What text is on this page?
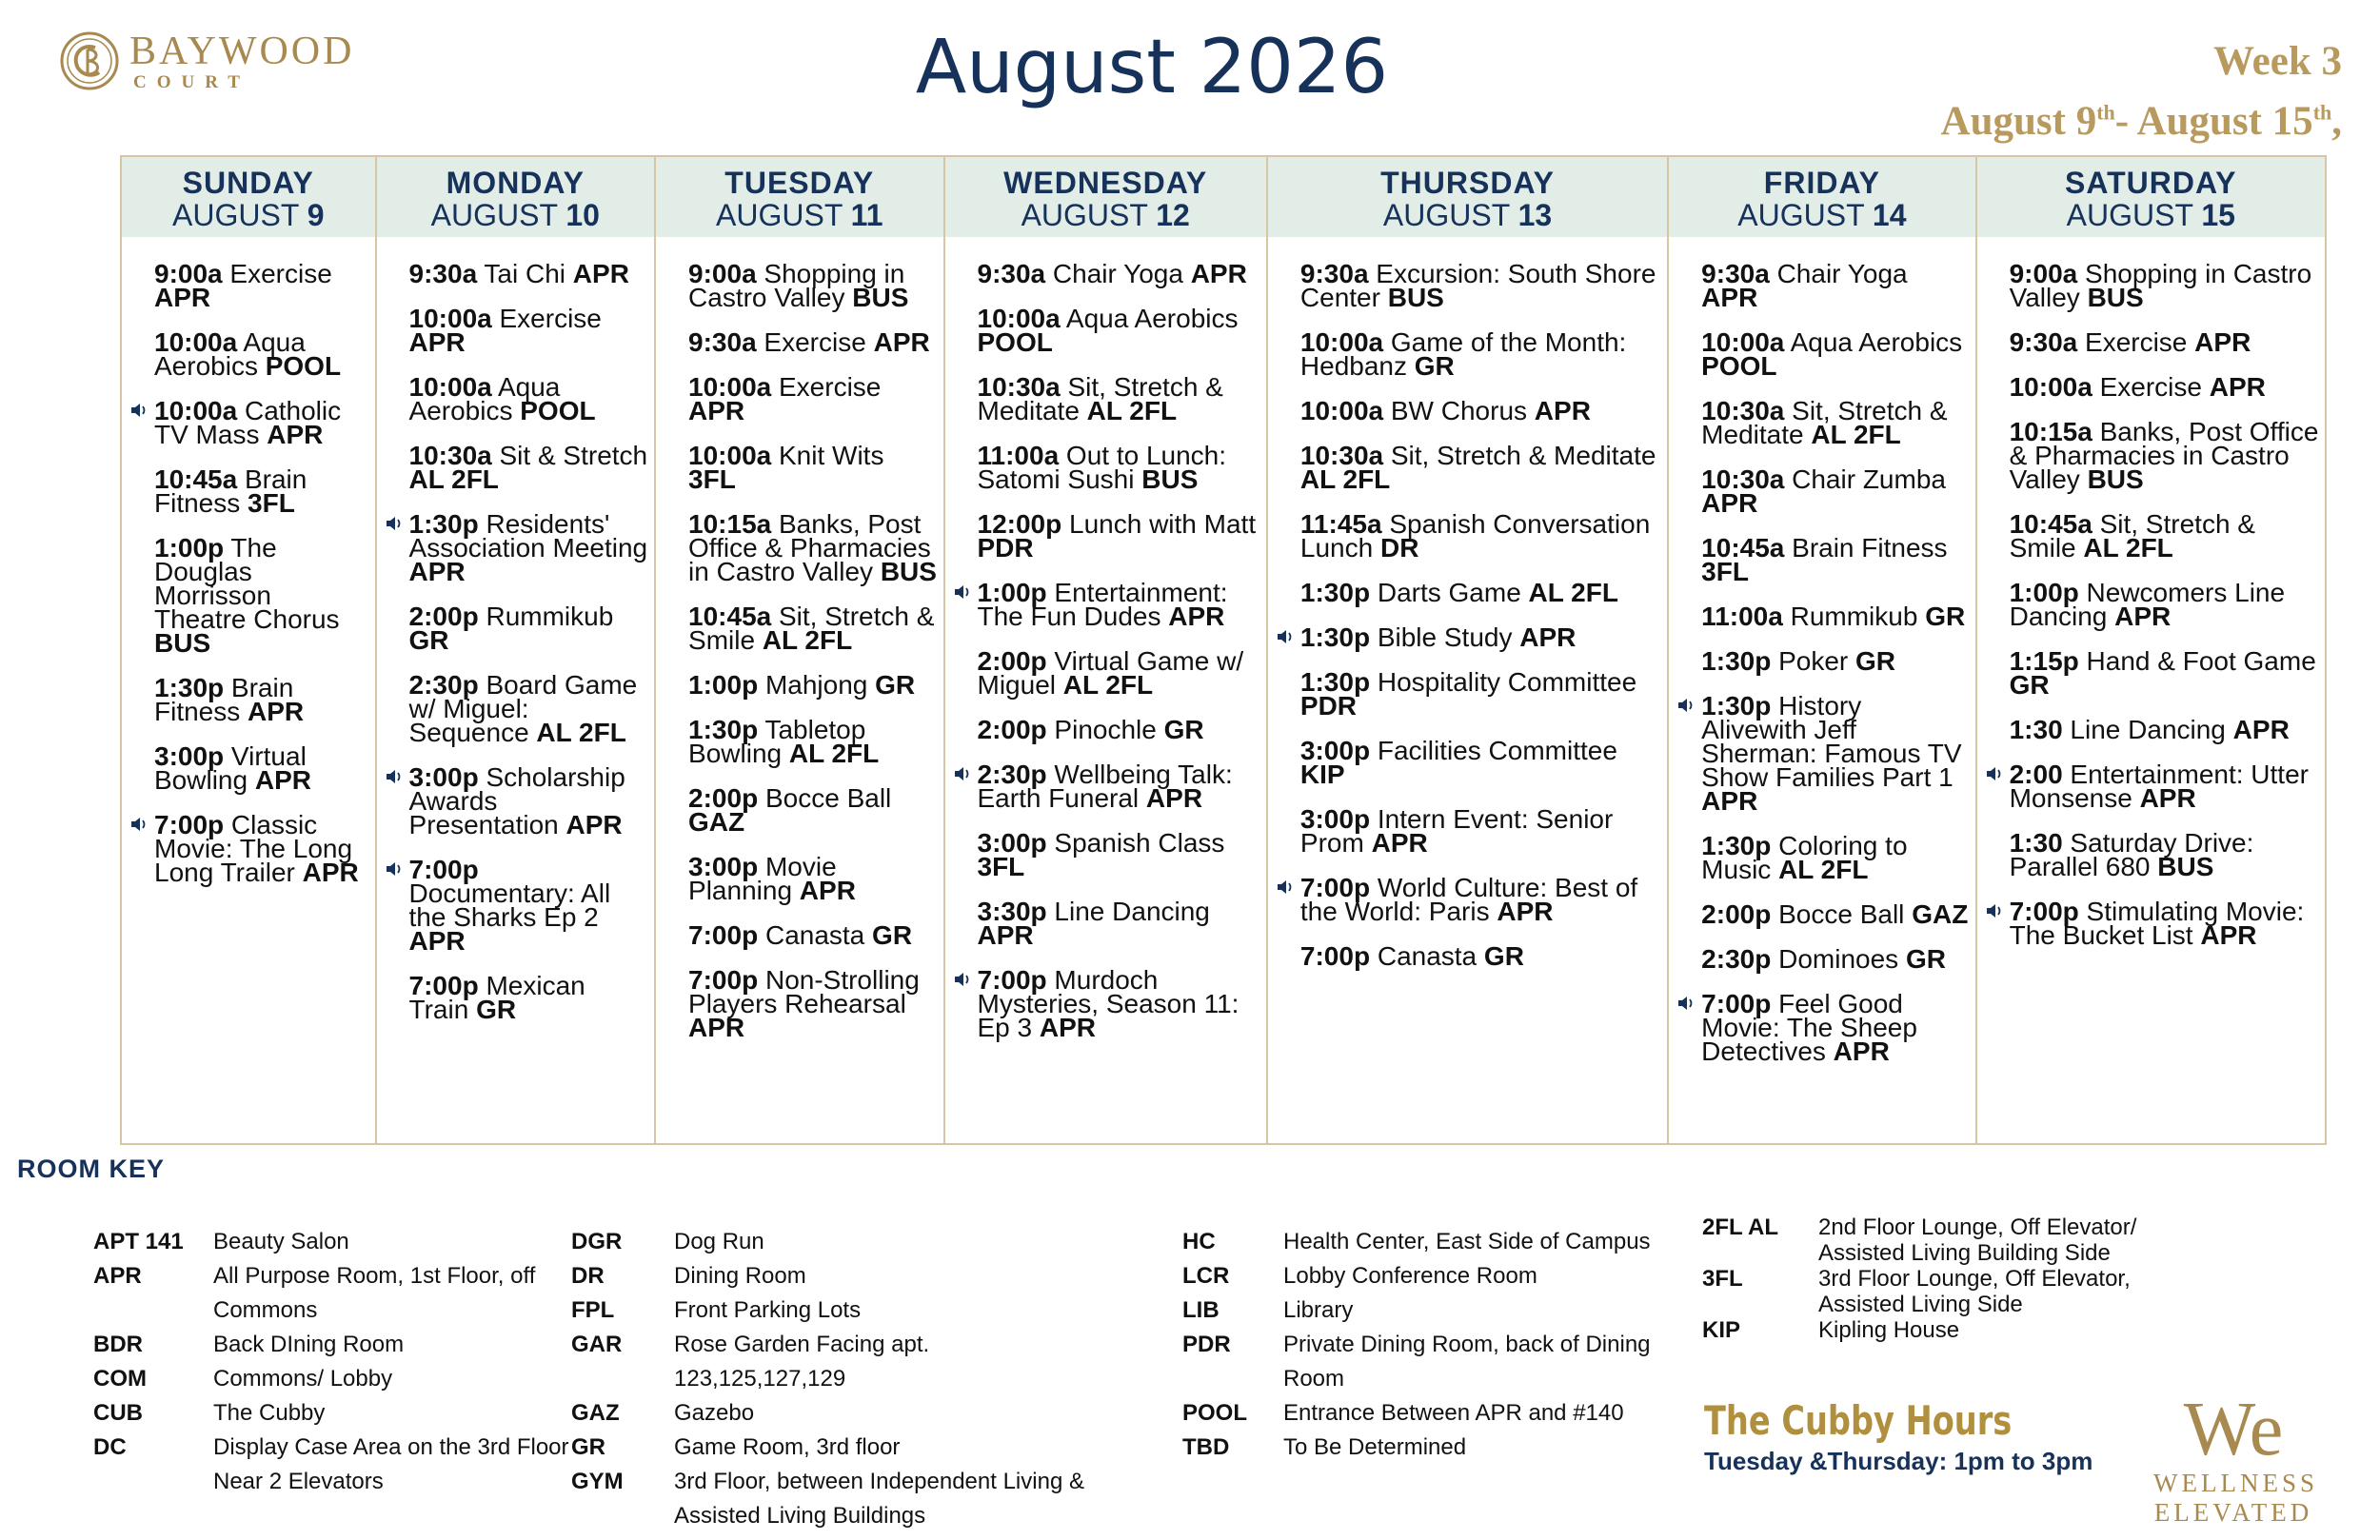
BAYWOOD
COURT	August 2026	Week 3
August 9th- August 15th,
SUNDAY
AUGUST 9
9:00a Exercise APR
10:00a Aqua Aerobics POOL
10:00a Catholic TV Mass APR
10:45a Brain Fitness 3FL
1:00p The Douglas Morrisson Theatre Chorus BUS
1:30p Brain Fitness APR
3:00p Virtual Bowling APR
7:00p Classic Movie: The Long Long Trailer APR
MONDAY
AUGUST 10
9:30a Tai Chi APR
10:00a Exercise APR
10:00a Aqua Aerobics POOL
10:30a Sit & Stretch AL 2FL
1:30p Residents' Association Meeting APR
2:00p Rummikub GR
2:30p Board Game w/ Miguel: Sequence AL 2FL
3:00p Scholarship Awards Presentation APR
7:00p Documentary: All the Sharks Ep 2 APR
7:00p Mexican Train GR
TUESDAY
AUGUST 11
9:00a Shopping in Castro Valley BUS
9:30a Exercise APR
10:00a Exercise APR
10:00a Knit Wits 3FL
10:15a Banks, Post Office & Pharmacies in Castro Valley BUS
10:45a Sit, Stretch & Smile AL 2FL
1:00p Mahjong GR
1:30p Tabletop Bowling AL 2FL
2:00p Bocce Ball GAZ
3:00p Movie Planning APR
7:00p Canasta GR
7:00p Non-Strolling Players Rehearsal APR
WEDNESDAY
AUGUST 12
9:30a Chair Yoga APR
10:00a Aqua Aerobics POOL
10:30a Sit, Stretch & Meditate AL 2FL
11:00a Out to Lunch: Satomi Sushi BUS
12:00p Lunch with Matt PDR
1:00p Entertainment: The Fun Dudes APR
2:00p Virtual Game w/ Miguel AL 2FL
2:00p Pinochle GR
2:30p Wellbeing Talk: Earth Funeral APR
3:00p Spanish Class 3FL
3:30p Line Dancing APR
7:00p Murdoch Mysteries, Season 11: Ep 3 APR
THURSDAY
AUGUST 13
9:30a Excursion: South Shore Center BUS
10:00a Game of the Month: Hedbanz GR
10:00a BW Chorus APR
10:30a Sit, Stretch & Meditate AL 2FL
11:45a Spanish Conversation Lunch DR
1:30p Darts Game AL 2FL
1:30p Bible Study APR
1:30p Hospitality Committee PDR
3:00p Facilities Committee KIP
3:00p Intern Event: Senior Prom APR
7:00p World Culture: Best of the World: Paris APR
7:00p Canasta GR
FRIDAY
AUGUST 14
9:30a Chair Yoga APR
10:00a Aqua Aerobics POOL
10:30a Sit, Stretch & Meditate AL 2FL
10:30a Chair Zumba APR
10:45a Brain Fitness 3FL
11:00a Rummikub GR
1:30p Poker GR
1:30p History Alivewith Jeff Sherman: Famous TV Show Families Part 1 APR
1:30p Coloring to Music AL 2FL
2:00p Bocce Ball GAZ
2:30p Dominoes GR
7:00p Feel Good Movie: The Sheep Detectives APR
SATURDAY
AUGUST 15
9:00a Shopping in Castro Valley BUS
9:30a Exercise APR
10:00a Exercise APR
10:15a Banks, Post Office & Pharmacies in Castro Valley BUS
10:45a Sit, Stretch & Smile AL 2FL
1:00p Newcomers Line Dancing APR
1:15p Hand & Foot Game GR
1:30 Line Dancing APR
2:00 Entertainment: Utter Monsense APR
1:30 Saturday Drive: Parallel 680 BUS
7:00p Stimulating Movie: The Bucket List APR
ROOM KEY
APT 141	Beauty Salon
APR	All Purpose Room, 1st Floor, off Commons
BDR	Back DIning Room
COM	Commons/ Lobby
CUB	The Cubby
DC	Display Case Area on the 3rd Floor Near 2 Elevators
DGR	Dog Run
DR	Dining Room
FPL	Front Parking Lots
GAR	Rose Garden Facing apt. 123,125,127,129
GAZ	Gazebo
GR	Game Room, 3rd floor
GYM	3rd Floor, between Independent Living & Assisted Living Buildings
HC	Health Center, East Side of Campus
LCR	Lobby Conference Room
LIB	Library
PDR	Private Dining Room, back of Dining Room
POOL	Entrance Between APR and #140
TBD	To Be Determined
2FL AL	2nd Floor Lounge, Off Elevator/ Assisted Living Building Side
3FL	3rd Floor Lounge, Off Elevator, Assisted Living Side
KIP	Kipling House
The Cubby Hours
Tuesday &Thursday: 1pm to 3pm	We
WELLNESS
ELEVATED
